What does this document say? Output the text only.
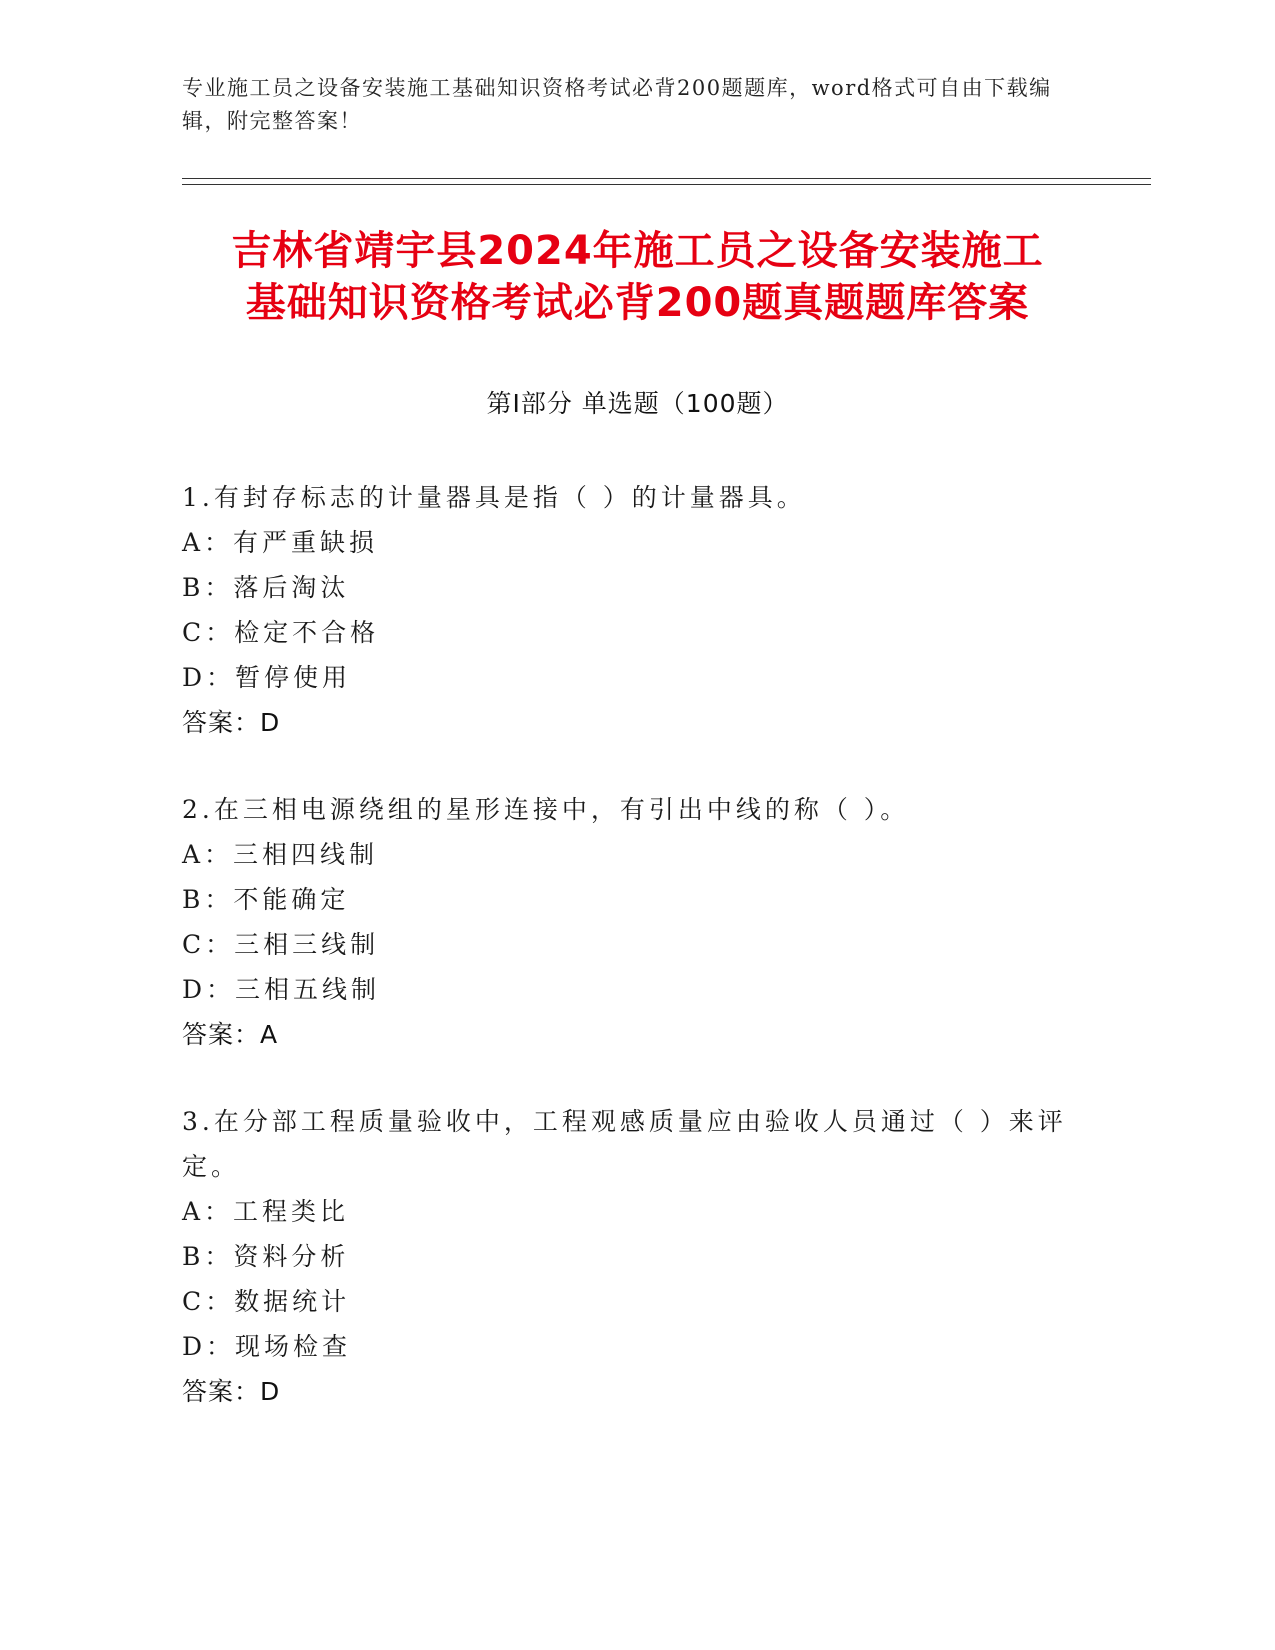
专业施工员之设备安装施工基础知识资格考试必背200题题库，word格式可自由下载编辑，附完整答案！
吉林省靖宇县2024年施工员之设备安装施工
基础知识资格考试必背200题真题题库答案
第Ⅰ部分 单选题（100题）

1.有封存标志的计量器具是指（ ）的计量器具。

A：有严重缺损

B：落后淘汰

C：检定不合格

D：暂停使用

答案：D

2.在三相电源绕组的星形连接中，有引出中线的称（ ）。

A：三相四线制

B：不能确定

C：三相三线制

D：三相五线制

答案：A

3.在分部工程质量验收中，工程观感质量应由验收人员通过（ ）来评定。

A：工程类比

B：资料分析

C：数据统计

D：现场检查

答案：D
